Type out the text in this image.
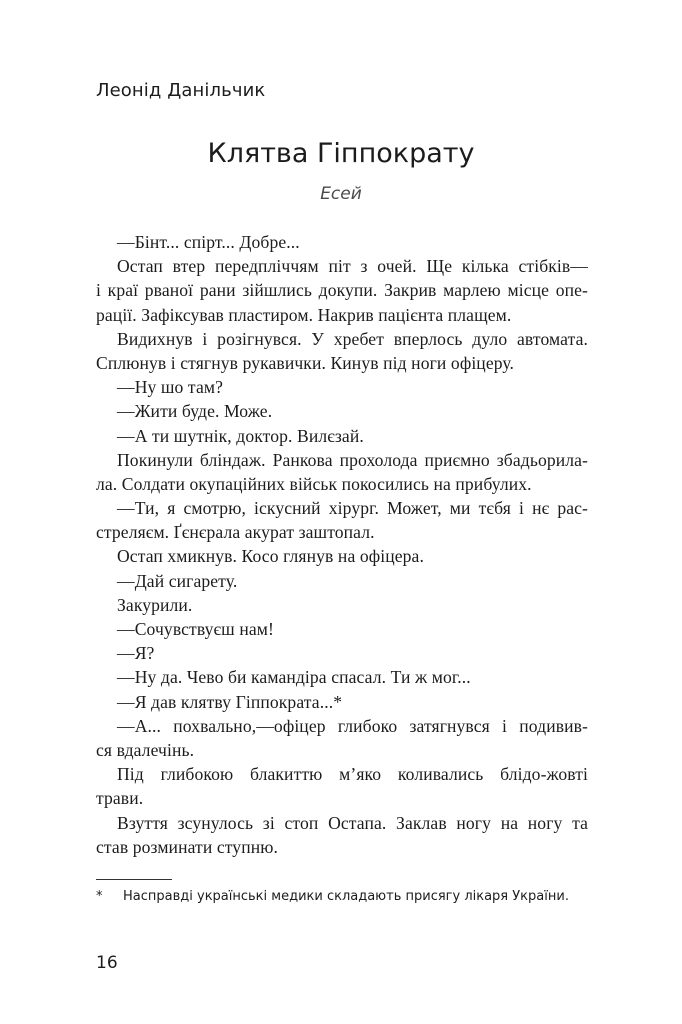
Леонід Данільчик
Клятва Гіппократу
Есей
—Бінт... спірт... Добре...
Остап втер передпліччям піт з очей. Ще кілька стібків—
і краї рваної рани зійшлись докупи. Закрив марлею місце опе-
рації. Зафіксував пластиром. Накрив пацієнта плащем.
Видихнув і розігнувся. У хребет вперлось дуло автомата.
Сплюнув і стягнув рукавички. Кинув під ноги офіцеру.
—Ну шо там?
—Жити буде. Може.
—А ти шутнік, доктор. Вилєзай.
Покинули бліндаж. Ранкова прохолода приємно збадьорила-
ла. Солдати окупаційних військ покосились на прибулих.
—Ти, я смотрю, іскусний хірург. Может, ми тєбя і нє рас-
стреляєм. Ґєнєрала акурат заштопал.
Остап хмикнув. Косо глянув на офіцера.
—Дай сигарету.
Закурили.
—Сочувствуєш нам!
—Я?
—Ну да. Чево би камандіра спасал. Ти ж мог...
—Я дав клятву Гіппократа...*
—А... похвально,—офіцер глибоко затягнувся і подивив-
ся вдалечінь.
Під глибокою блакиттю м’яко коливались блідо-жовті
трави.
Взуття зсунулось зі стоп Остапа. Заклав ногу на ногу та
став розминати ступню.
* Насправді українські медики складають присягу лікаря України.
16
